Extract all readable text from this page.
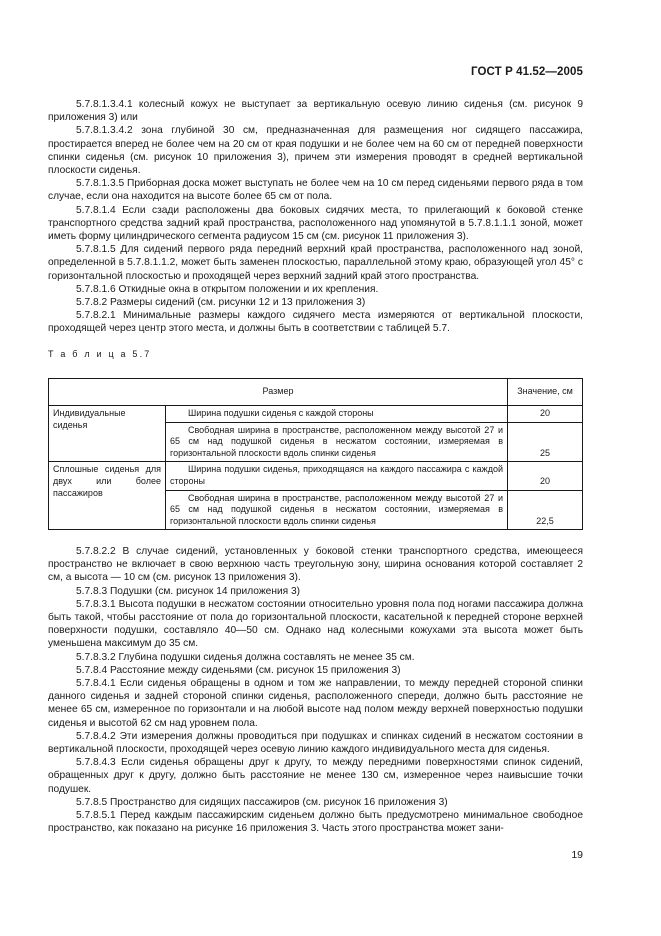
ГОСТ Р 41.52—2005

5.7.8.1.3.4.1 колесный кожух не выступает за вертикальную осевую линию сиденья (см. рисунок 9 приложения 3) или

5.7.8.1.3.4.2 зона глубиной 30 см, предназначенная для размещения ног сидящего пассажира, простирается вперед не более чем на 20 см от края подушки и не более чем на 60 см от передней поверхности спинки сиденья (см. рисунок 10 приложения 3), причем эти измерения проводят в средней вертикальной плоскости сиденья.

5.7.8.1.3.5 Приборная доска может выступать не более чем на 10 см перед сиденьями первого ряда в том случае, если она находится на высоте более 65 см от пола.

5.7.8.1.4 Если сзади расположены два боковых сидячих места, то прилегающий к боковой стенке транспортного средства задний край пространства, расположенного над упомянутой в 5.7.8.1.1.1 зоной, может иметь форму цилиндрического сегмента радиусом 15 см (см. рисунок 11 приложения 3).

5.7.8.1.5 Для сидений первого ряда передний верхний край пространства, расположенного над зоной, определенной в 5.7.8.1.1.2, может быть заменен плоскостью, параллельной этому краю, образующей угол 45° с горизонтальной плоскостью и проходящей через верхний задний край этого пространства.

5.7.8.1.6 Откидные окна в открытом положении и их крепления.

5.7.8.2 Размеры сидений (см. рисунки 12 и 13 приложения 3)

5.7.8.2.1 Минимальные размеры каждого сидячего места измеряются от вертикальной плоскости, проходящей через центр этого места, и должны быть в соответствии с таблицей 5.7.

Т а б л и ц а 5.7
Размер		Значение, см
Индивидуальные сиденья	Ширина подушки сиденья с каждой стороны	20
	Свободная ширина в пространстве, расположенном между высотой 27 и 65 см над подушкой сиденья в несжатом состоянии, измеряемая в горизонтальной плоскости вдоль спинки сиденья	25
Сплошные сиденья для двух или более пассажиров	Ширина подушки сиденья, приходящаяся на каждого пассажира с каждой стороны	20
	Свободная ширина в пространстве, расположенном между высотой 27 и 65 см над подушкой сиденья в несжатом состоянии, измеряемая в горизонтальной плоскости вдоль спинки сиденья	22,5

5.7.8.2.2 В случае сидений, установленных у боковой стенки транспортного средства, имеющееся пространство не включает в свою верхнюю часть треугольную зону, ширина основания которой составляет 2 см, а высота — 10 см (см. рисунок 13 приложения 3).

5.7.8.3 Подушки (см. рисунок 14 приложения 3)

5.7.8.3.1 Высота подушки в несжатом состоянии относительно уровня пола под ногами пассажира должна быть такой, чтобы расстояние от пола до горизонтальной плоскости, касательной к передней стороне верхней поверхности подушки, составляло 40—50 см. Однако над колесными кожухами эта высота может быть уменьшена максимум до 35 см.

5.7.8.3.2 Глубина подушки сиденья должна составлять не менее 35 см.

5.7.8.4 Расстояние между сиденьями (см. рисунок 15 приложения 3)

5.7.8.4.1 Если сиденья обращены в одном и том же направлении, то между передней стороной спинки данного сиденья и задней стороной спинки сиденья, расположенного спереди, должно быть расстояние не менее 65 см, измеренное по горизонтали и на любой высоте над полом между верхней поверхностью подушки сиденья и высотой 62 см над уровнем пола.

5.7.8.4.2 Эти измерения должны проводиться при подушках и спинках сидений в несжатом состоянии в вертикальной плоскости, проходящей через осевую линию каждого индивидуального места для сиденья.

5.7.8.4.3 Если сиденья обращены друг к другу, то между передними поверхностями спинок сидений, обращенных друг к другу, должно быть расстояние не менее 130 см, измеренное через наивысшие точки подушек.

5.7.8.5 Пространство для сидящих пассажиров (см. рисунок 16 приложения 3)

5.7.8.5.1 Перед каждым пассажирским сиденьем должно быть предусмотрено минимальное свободное пространство, как показано на рисунке 16 приложения 3. Часть этого пространства может зани-

19
